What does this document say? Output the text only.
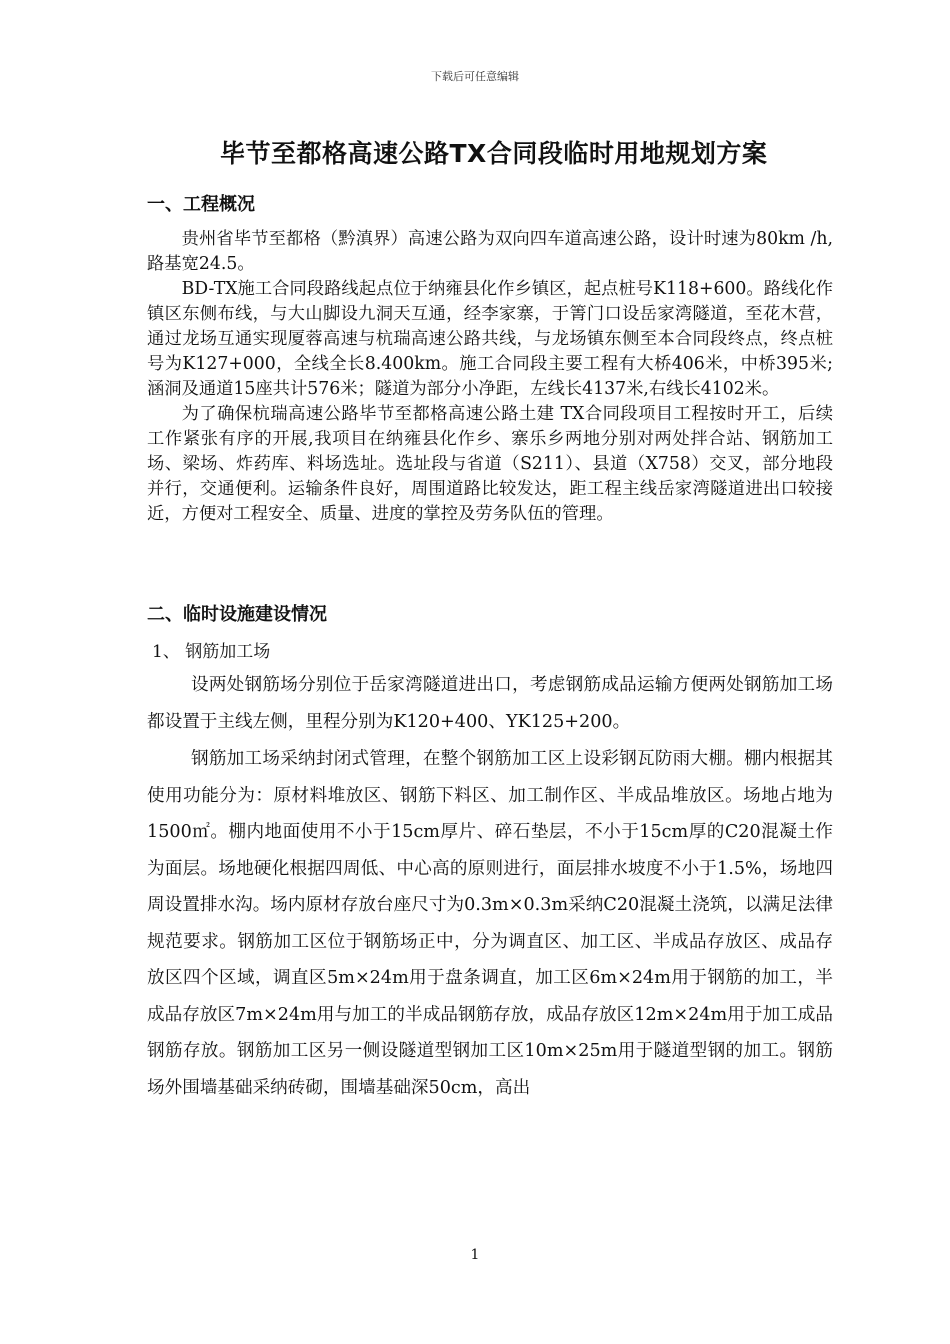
下载后可任意编辑
毕节至都格高速公路TX合同段临时用地规划方案
一、工程概况

贵州省毕节至都格（黔滇界）高速公路为双向四车道高速公路，设计时速为80km /h,路基宽24.5。

BD-TX施工合同段路线起点位于纳雍县化作乡镇区，起点桩号K118+600。路线化作镇区东侧布线，与大山脚设九洞天互通，经李家寨，于箐门口设岳家湾隧道，至花木营，通过龙场互通实现厦蓉高速与杭瑞高速公路共线，与龙场镇东侧至本合同段终点，终点桩号为K127+000，全线全长8.400km。施工合同段主要工程有大桥406米，中桥395米;涵洞及通道15座共计576米；隧道为部分小净距，左线长4137米,右线长4102米。

为了确保杭瑞高速公路毕节至都格高速公路土建 TX合同段项目工程按时开工，后续工作紧张有序的开展,我项目在纳雍县化作乡、寨乐乡两地分别对两处拌合站、钢筋加工场、梁场、炸药库、料场选址。选址段与省道（S211）、县道（X758）交叉，部分地段并行，交通便利。运输条件良好，周围道路比较发达，距工程主线岳家湾隧道进出口较接近，方便对工程安全、质量、进度的掌控及劳务队伍的管理。

二、临时设施建设情况
1、 钢筋加工场

设两处钢筋场分别位于岳家湾隧道进出口，考虑钢筋成品运输方便两处钢筋加工场都设置于主线左侧，里程分别为K120+400、YK125+200。

钢筋加工场采纳封闭式管理，在整个钢筋加工区上设彩钢瓦防雨大棚。棚内根据其使用功能分为：原材料堆放区、钢筋下料区、加工制作区、半成品堆放区。场地占地为1500㎡。棚内地面使用不小于15cm厚片、碎石垫层，不小于15cm厚的C20混凝土作为面层。场地硬化根据四周低、中心高的原则进行，面层排水坡度不小于1.5%，场地四周设置排水沟。场内原材存放台座尺寸为0.3m×0.3m采纳C20混凝土浇筑，以满足法律规范要求。钢筋加工区位于钢筋场正中，分为调直区、加工区、半成品存放区、成品存放区四个区域，调直区5m×24m用于盘条调直，加工区6m×24m用于钢筋的加工，半成品存放区7m×24m用与加工的半成品钢筋存放，成品存放区12m×24m用于加工成品钢筋存放。钢筋加工区另一侧设隧道型钢加工区10m×25m用于隧道型钢的加工。钢筋场外围墙基础采纳砖砌，围墙基础深50cm，高出

1
